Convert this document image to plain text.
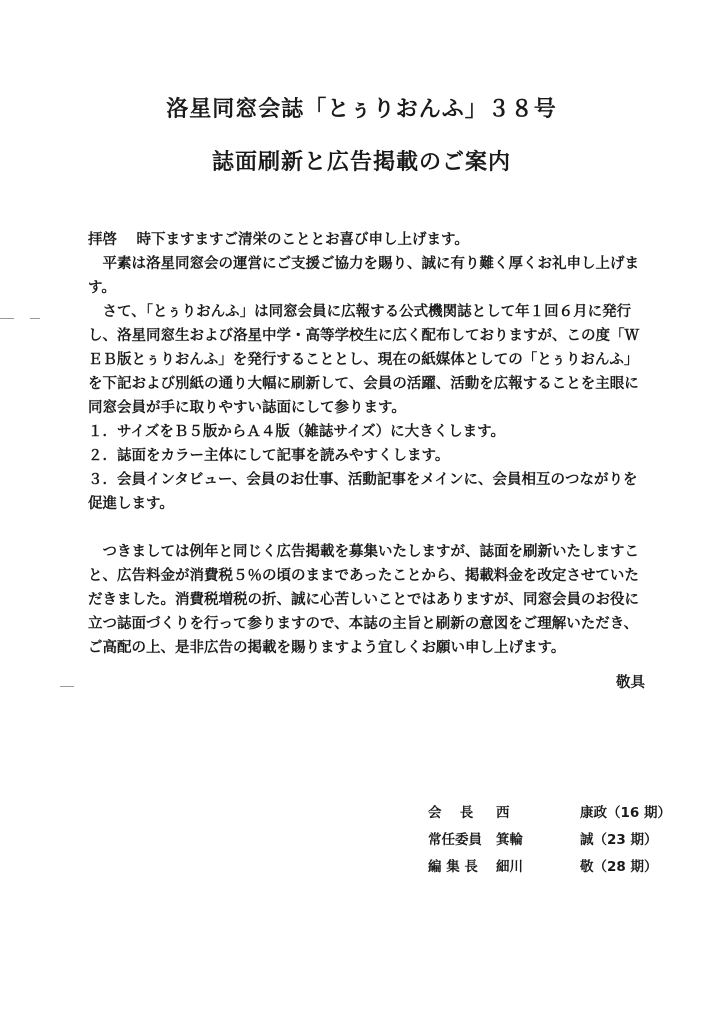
洛星同窓会誌「とぅりおんふ」３８号
誌面刷新と広告掲載のご案内

拝啓　 時下ますますご清栄のこととお喜び申し上げます。

　平素は洛星同窓会の運営にご支援ご協力を賜り、誠に有り難く厚くお礼申し上げま

す。

　さて、「とぅりおんふ」は同窓会員に広報する公式機関誌として年１回６月に発行

し、洛星同窓生および洛星中学・高等学校生に広く配布しておりますが、この度「Ｗ

ＥＢ版とぅりおんふ」を発行することとし、現在の紙媒体としての「とぅりおんふ」

を下記および別紙の通り大幅に刷新して、会員の活躍、活動を広報することを主眼に

同窓会員が手に取りやすい誌面にして参ります。

１．サイズをＢ５版からＡ４版（雑誌サイズ）に大きくします。

２．誌面をカラー主体にして記事を読みやすくします。

３．会員インタビュー、会員のお仕事、活動記事をメインに、会員相互のつながりを

促進します。

　つきましては例年と同じく広告掲載を募集いたしますが、誌面を刷新いたしますこ

と、広告料金が消費税５％の頃のままであったことから、掲載料金を改定させていた

だきました。消費税増税の折、誠に心苦しいことではありますが、同窓会員のお役に

立つ誌面づくりを行って参りますので、本誌の主旨と刷新の意図をご理解いただき、

ご高配の上、是非広告の掲載を賜りますよう宜しくお願い申し上げます。

敬具
会　 長	西	康政（16 期）
常任委員	箕輪	誠（23 期）
編 集 長	細川	敬（28 期）
